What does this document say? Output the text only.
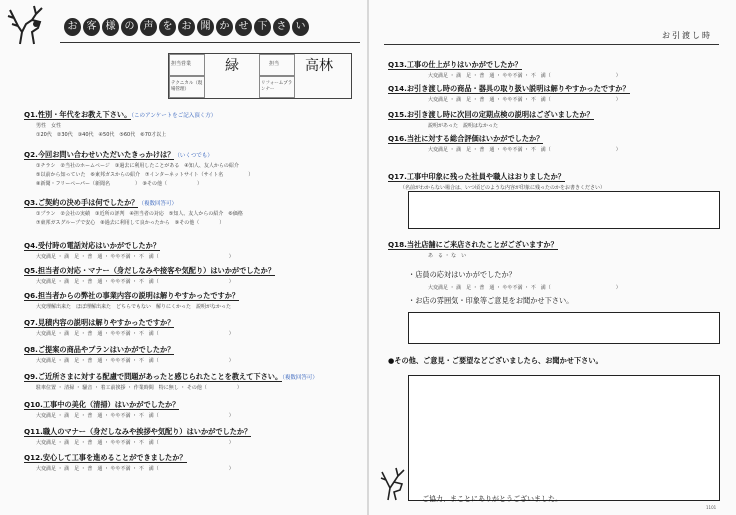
お 客 様 の 声 を お 聞 か せ 下 さ い
担当営業 緑	担当 高林
テクニカル（現場管理）
リフォームプランナー
Q1.性別・年代をお教え下さい。（このアンケートをご記入頂く方）
男性　女性
①20代　②30代　③40代　④50代　⑤60代　⑥70才以上
Q2.今回お問い合わせいただいたきっかけは？（いくつでも）
①チラシ　②当社のホームページ　③過去に利用したことがある　④知人、友人からの紹介
⑤以前から知っていた　⑥東邦ガスからの紹介　⑦インターネットサイト（サイト名　　　　　）
⑧新聞・フリーペーパー（新聞名　　　　　）　⑨その他（　　　　　　）
Q3.ご契約の決め手は何でしたか？（複数回答可）
①プラン　②会社の実績　③近所の評判　④担当者の対応　⑤知人、友人からの紹介　⑥価格
⑦東邦ガスグループで安心　⑧過去に利用して良かったから　⑨その他（　　　　）
Q4.受付時の電話対応はいかがでしたか？
大変満足 ・ 満　足 ・ 普　通 ・ やや不満 ・ 不　満（　　　　　　　　　　　　　　）
Q5.担当者の対応・マナー（身だしなみや接客や気配り）はいかがでしたか？
大変満足 ・ 満　足 ・ 普　通 ・ やや不満 ・ 不　満（　　　　　　　　　　　　　　）
Q6.担当者からの弊社の事業内容の説明は解りやすかったですか？
大変理解出来た　ほぼ理解出来た　どちらでもない　解りにくかった　説明がなかった
Q7.見積内容の説明は解りやすかったですか？
大変満足 ・ 満　足 ・ 普　通 ・ やや不満 ・ 不　満（　　　　　　　　　　　　　　）
Q8.ご提案の商品やプランはいかがでしたか？
大変満足 ・ 満　足 ・ 普　通 ・ やや不満 ・ 不　満（　　　　　　　　　　　　　　）
Q9.ご近所さまに対する配慮で問題があったと感じられたことを教えて下さい。（複数回答可）
駐車位置 ・ 清掃 ・ 騒音 ・ 着工前挨拶 ・ 作業時間　特に無し ・ その他（　　　　　　）
Q10.工事中の美化（清掃）はいかがでしたか？
大変満足 ・ 満　足 ・ 普　通 ・ やや不満 ・ 不　満（　　　　　　　　　　　　　　）
Q11.職人のマナー（身だしなみや挨拶や気配り）はいかがでしたか？
大変満足 ・ 満　足 ・ 普　通 ・ やや不満 ・ 不　満（　　　　　　　　　　　　　　）
Q12.安心して工事を進めることができましたか？
大変満足 ・ 満　足 ・ 普　通 ・ やや不満 ・ 不　満（　　　　　　　　　　　　　　）
お引渡し時
Q13.工事の仕上がりはいかがでしたか？
大変満足 ・ 満　足 ・ 普　通 ・ やや不満 ・ 不　満（　　　　　　　　　　　　　）
Q14.お引き渡し時の商品・器具の取り扱い説明は解りやすかったですか？
大変満足 ・ 満　足 ・ 普　通 ・ やや不満 ・ 不　満（　　　　　　　　　　　　　）
Q15.お引き渡し時に次回の定期点検の説明はございましたか？
説明があった　説明はなかった
Q16.当社に対する総合評価はいかがでしたか？
大変満足 ・ 満　足 ・ 普　通 ・ やや不満 ・ 不　満（　　　　　　　　　　　　　）
Q17.工事中印象に残った社員や職人はおりましたか？
（名前がわからない場合は、いつ頃どのような内容が印象に残ったのかをお書きください）
Q18.当社店舗にご来店されたことがございますか？
あ　る ・ な　い
・店員の応対はいかがでしたか？
大変満足 ・ 満　足 ・ 普　通 ・ やや不満 ・ 不　満（　　　　　　　　　　　　　）
・お店の雰囲気・印象等ご意見をお聞かせ下さい。
●その他、ご意見・ご要望などございましたら、お聞かせ下さい。
ご協力、まことにありがとうございました。
1101
